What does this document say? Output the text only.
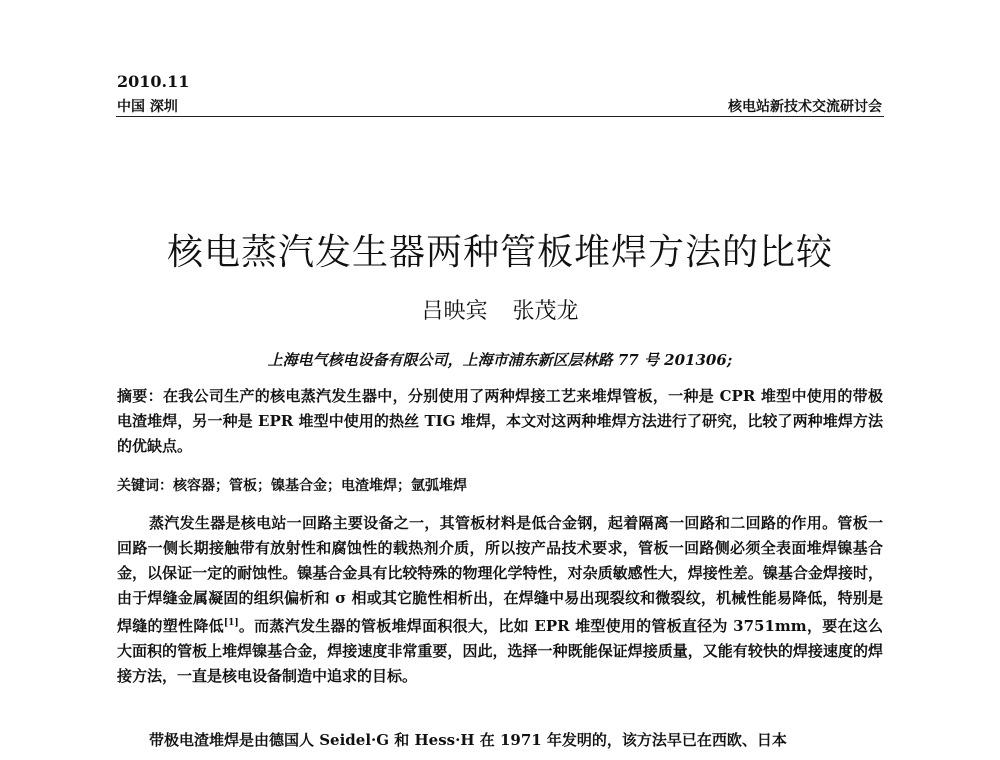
2010.11
中国 深圳	核电站新技术交流研讨会
核电蒸汽发生器两种管板堆焊方法的比较
吕映宾 张茂龙
上海电气核电设备有限公司，上海市浦东新区层林路 77 号 201306;
摘要：在我公司生产的核电蒸汽发生器中，分别使用了两种焊接工艺来堆焊管板，一种是 CPR 堆型中使用的带极电渣堆焊，另一种是 EPR 堆型中使用的热丝 TIG 堆焊，本文对这两种堆焊方法进行了研究，比较了两种堆焊方法的优缺点。
关键词：核容器；管板；镍基合金；电渣堆焊；氩弧堆焊
蒸汽发生器是核电站一回路主要设备之一，其管板材料是低合金钢，起着隔离一回路和二回路的作用。管板一回路一侧长期接触带有放射性和腐蚀性的载热剂介质，所以按产品技术要求，管板一回路侧必须全表面堆焊镍基合金，以保证一定的耐蚀性。镍基合金具有比较特殊的物理化学特性，对杂质敏感性大，焊接性差。镍基合金焊接时，由于焊缝金属凝固的组织偏析和 σ 相或其它脆性相析出，在焊缝中易出现裂纹和微裂纹，机械性能易降低，特别是焊缝的塑性降低[1]。而蒸汽发生器的管板堆焊面积很大，比如 EPR 堆型使用的管板直径为 3751mm，要在这么大面积的管板上堆焊镍基合金，焊接速度非常重要，因此，选择一种既能保证焊接质量，又能有较快的焊接速度的焊接方法，一直是核电设备制造中追求的目标。
带极电渣堆焊是由德国人 Seidel·G 和 Hess·H 在 1971 年发明的，该方法早已在西欧、日本
